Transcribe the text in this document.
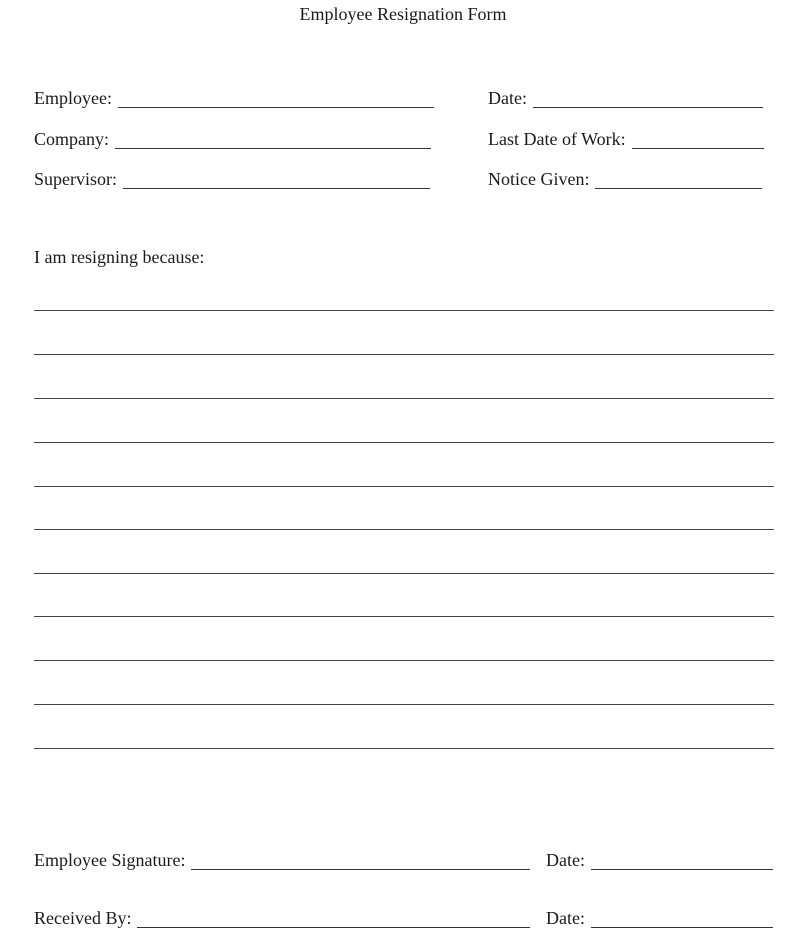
Employee Resignation Form
Employee:	Date:
Company:	Last Date of Work:
Supervisor:	Notice Given:
I am resigning because:
Employee Signature:	Date:
Received By:	Date:
